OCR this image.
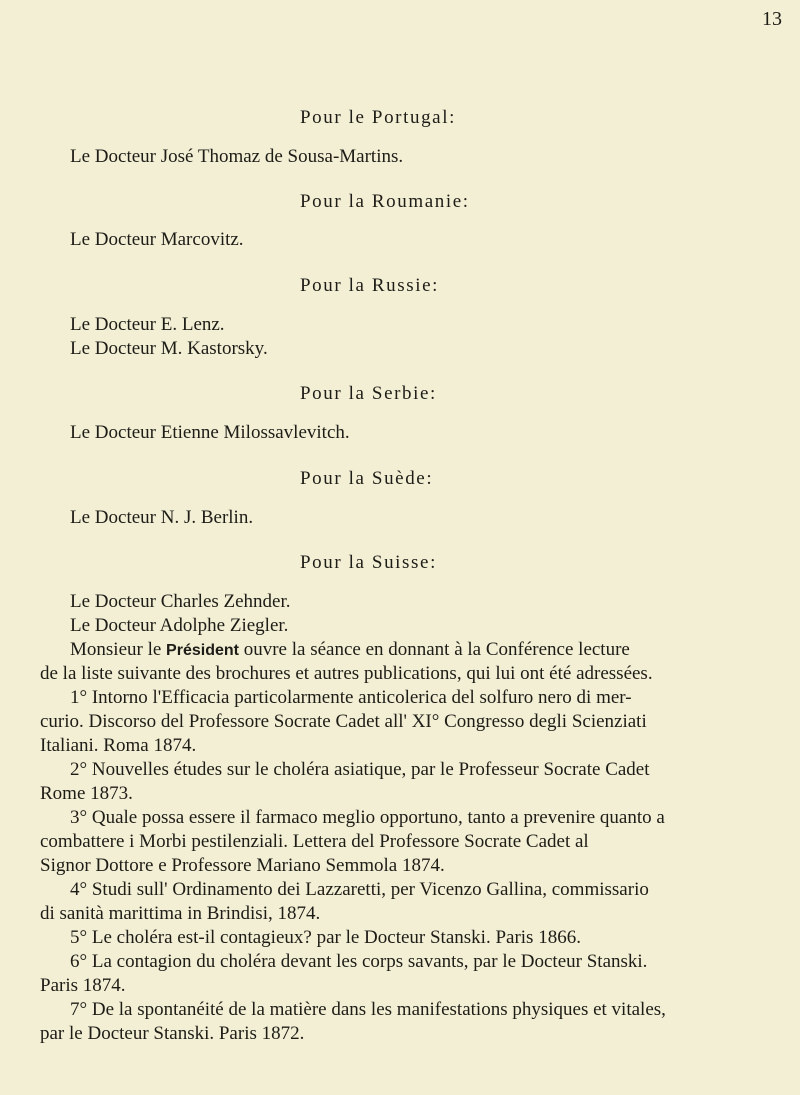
13
Pour le Portugal:
Le Docteur José Thomaz de Sousa-Martins.
Pour la Roumanie:
Le Docteur Marcovitz.
Pour la Russie:
Le Docteur E. Lenz.
Le Docteur M. Kastorsky.
Pour la Serbie:
Le Docteur Etienne Milossavlevitch.
Pour la Suède:
Le Docteur N. J. Berlin.
Pour la Suisse:
Le Docteur Charles Zehnder.
Le Docteur Adolphe Ziegler.
Monsieur le Président ouvre la séance en donnant à la Conférence lecture
de la liste suivante des brochures et autres publications, qui lui ont été adressées.
1° Intorno l'Efficacia particolarmente anticolerica del solfuro nero di mer-
curio. Discorso del Professore Socrate Cadet all' XI° Congresso degli Scienziati
Italiani. Roma 1874.
2° Nouvelles études sur le choléra asiatique, par le Professeur Socrate Cadet
Rome 1873.
3° Quale possa essere il farmaco meglio opportuno, tanto a prevenire quanto a
combattere i Morbi pestilenziali. Lettera del Professore Socrate Cadet al
Signor Dottore e Professore Mariano Semmola 1874.
4° Studi sull' Ordinamento dei Lazzaretti, per Vicenzo Gallina, commissario
di sanità marittima in Brindisi, 1874.
5° Le choléra est-il contagieux? par le Docteur Stanski. Paris 1866.
6° La contagion du choléra devant les corps savants, par le Docteur Stanski.
Paris 1874.
7° De la spontanéité de la matière dans les manifestations physiques et vitales,
par le Docteur Stanski. Paris 1872.
